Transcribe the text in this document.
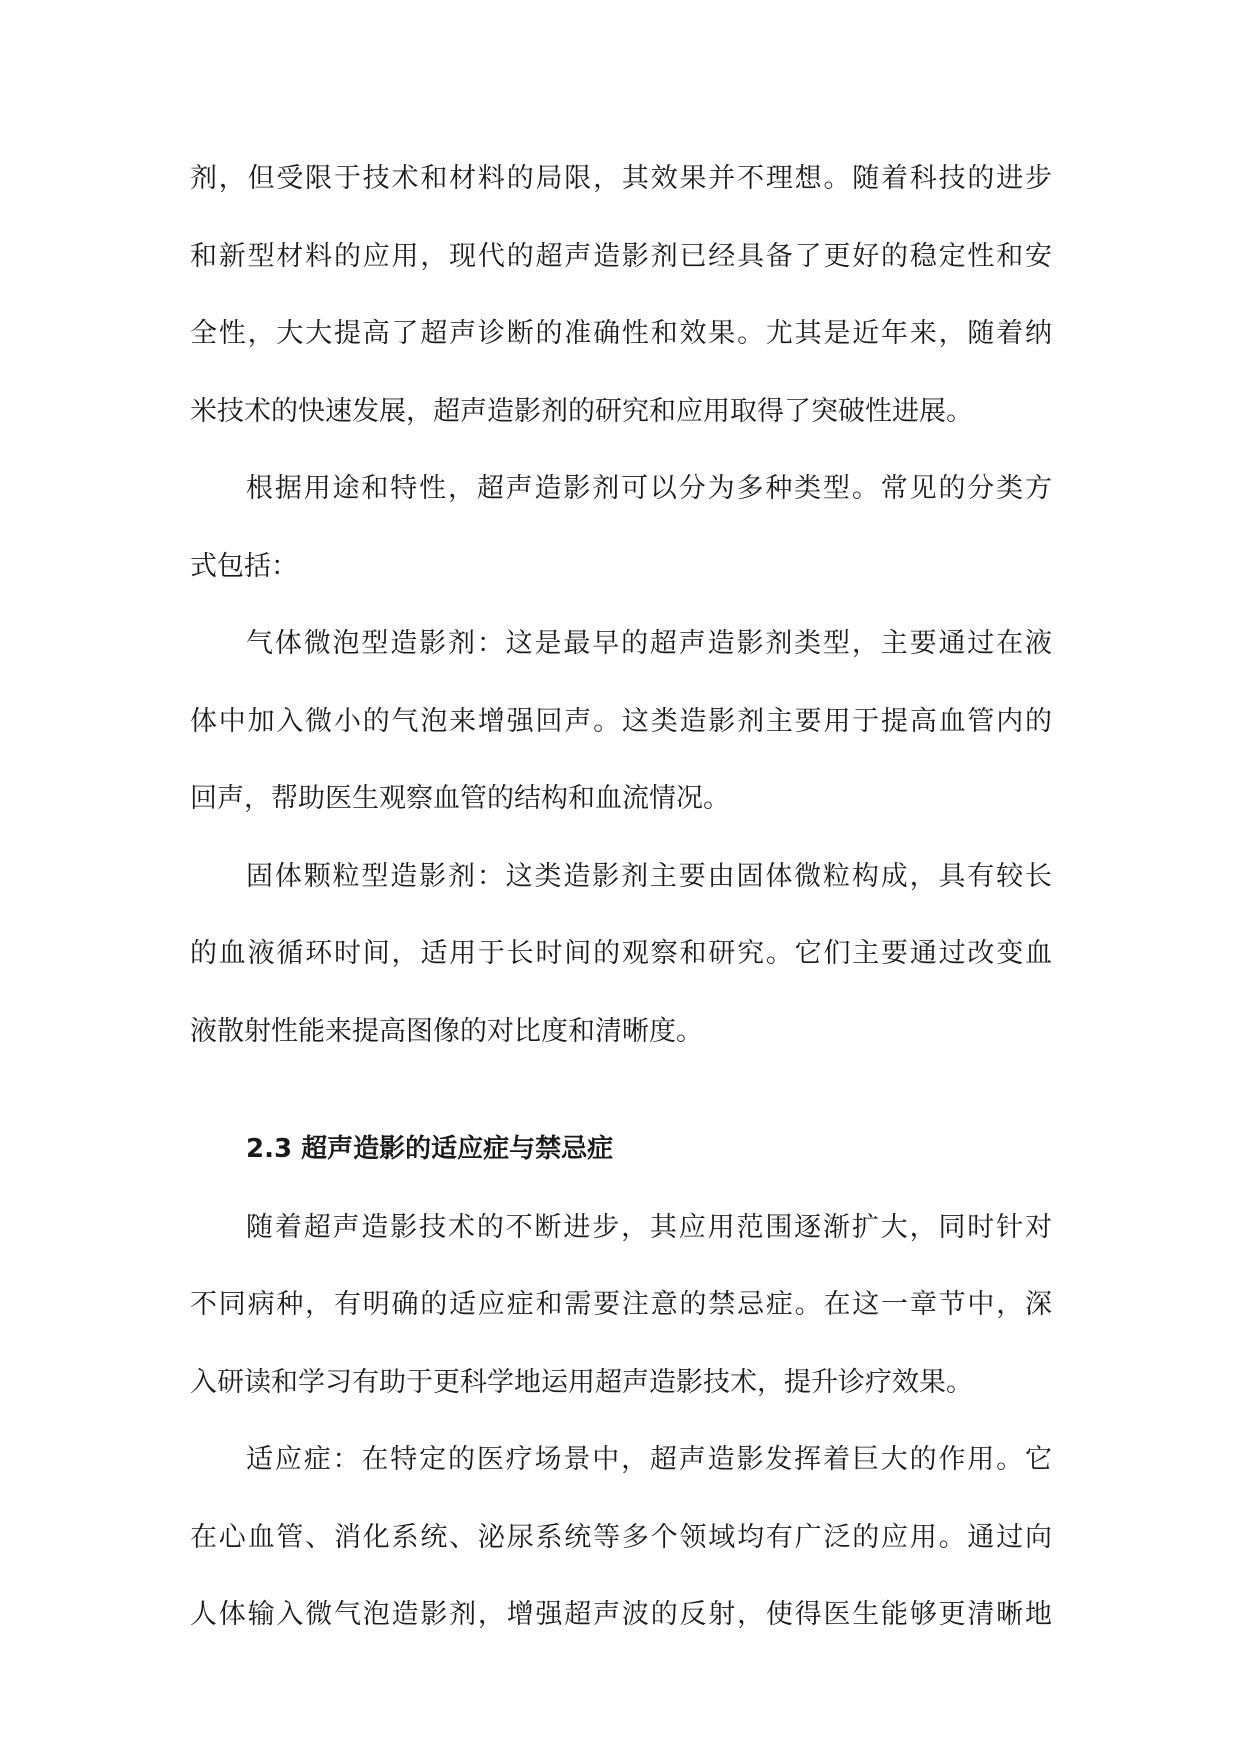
剂，但受限于技术和材料的局限，其效果并不理想。随着科技的进步
和新型材料的应用，现代的超声造影剂已经具备了更好的稳定性和安
全性，大大提高了超声诊断的准确性和效果。尤其是近年来，随着纳
米技术的快速发展，超声造影剂的研究和应用取得了突破性进展。
根据用途和特性，超声造影剂可以分为多种类型。常见的分类方
式包括：
气体微泡型造影剂：这是最早的超声造影剂类型，主要通过在液
体中加入微小的气泡来增强回声。这类造影剂主要用于提高血管内的
回声，帮助医生观察血管的结构和血流情况。
固体颗粒型造影剂：这类造影剂主要由固体微粒构成，具有较长
的血液循环时间，适用于长时间的观察和研究。它们主要通过改变血
液散射性能来提高图像的对比度和清晰度。
2.3 超声造影的适应症与禁忌症
随着超声造影技术的不断进步，其应用范围逐渐扩大，同时针对
不同病种，有明确的适应症和需要注意的禁忌症。在这一章节中，深
入研读和学习有助于更科学地运用超声造影技术，提升诊疗效果。
适应症：在特定的医疗场景中，超声造影发挥着巨大的作用。它
在心血管、消化系统、泌尿系统等多个领域均有广泛的应用。通过向
人体输入微气泡造影剂，增强超声波的反射，使得医生能够更清晰地
